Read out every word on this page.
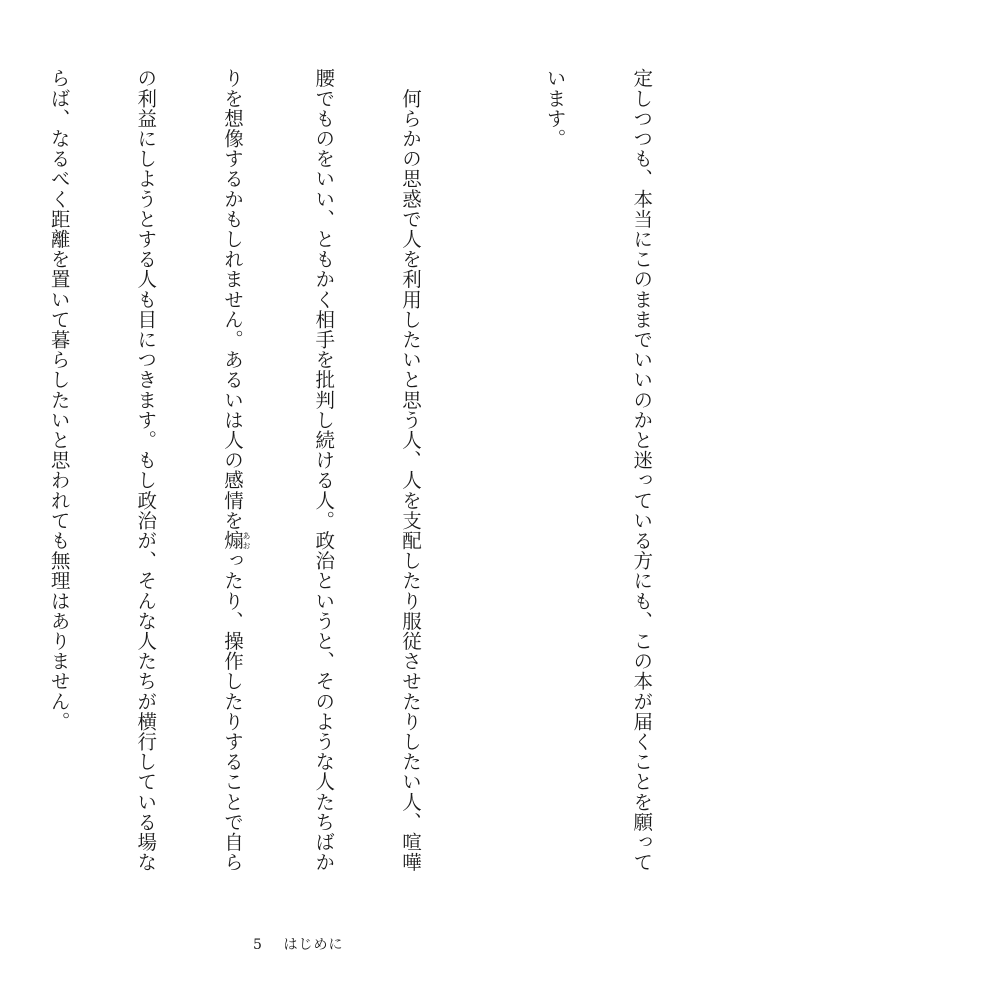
定しつつも、本当にこのままでいいのかと迷っている方にも、この本が届くことを願って

います。

　何らかの思惑で人を利用したいと思う人、人を支配したり服従させたりしたい人、喧嘩

腰でものをいい、ともかく相手を批判し続ける人。政治というと、そのような人たちばか

りを想像するかもしれません。あるいは人の感情を煽あおったり、操作したりすることで自ら

の利益にしようとする人も目につきます。もし政治が、そんな人たちが横行している場な

らば、なるべく距離を置いて暮らしたいと思われても無理はありません。

5 はじめに
